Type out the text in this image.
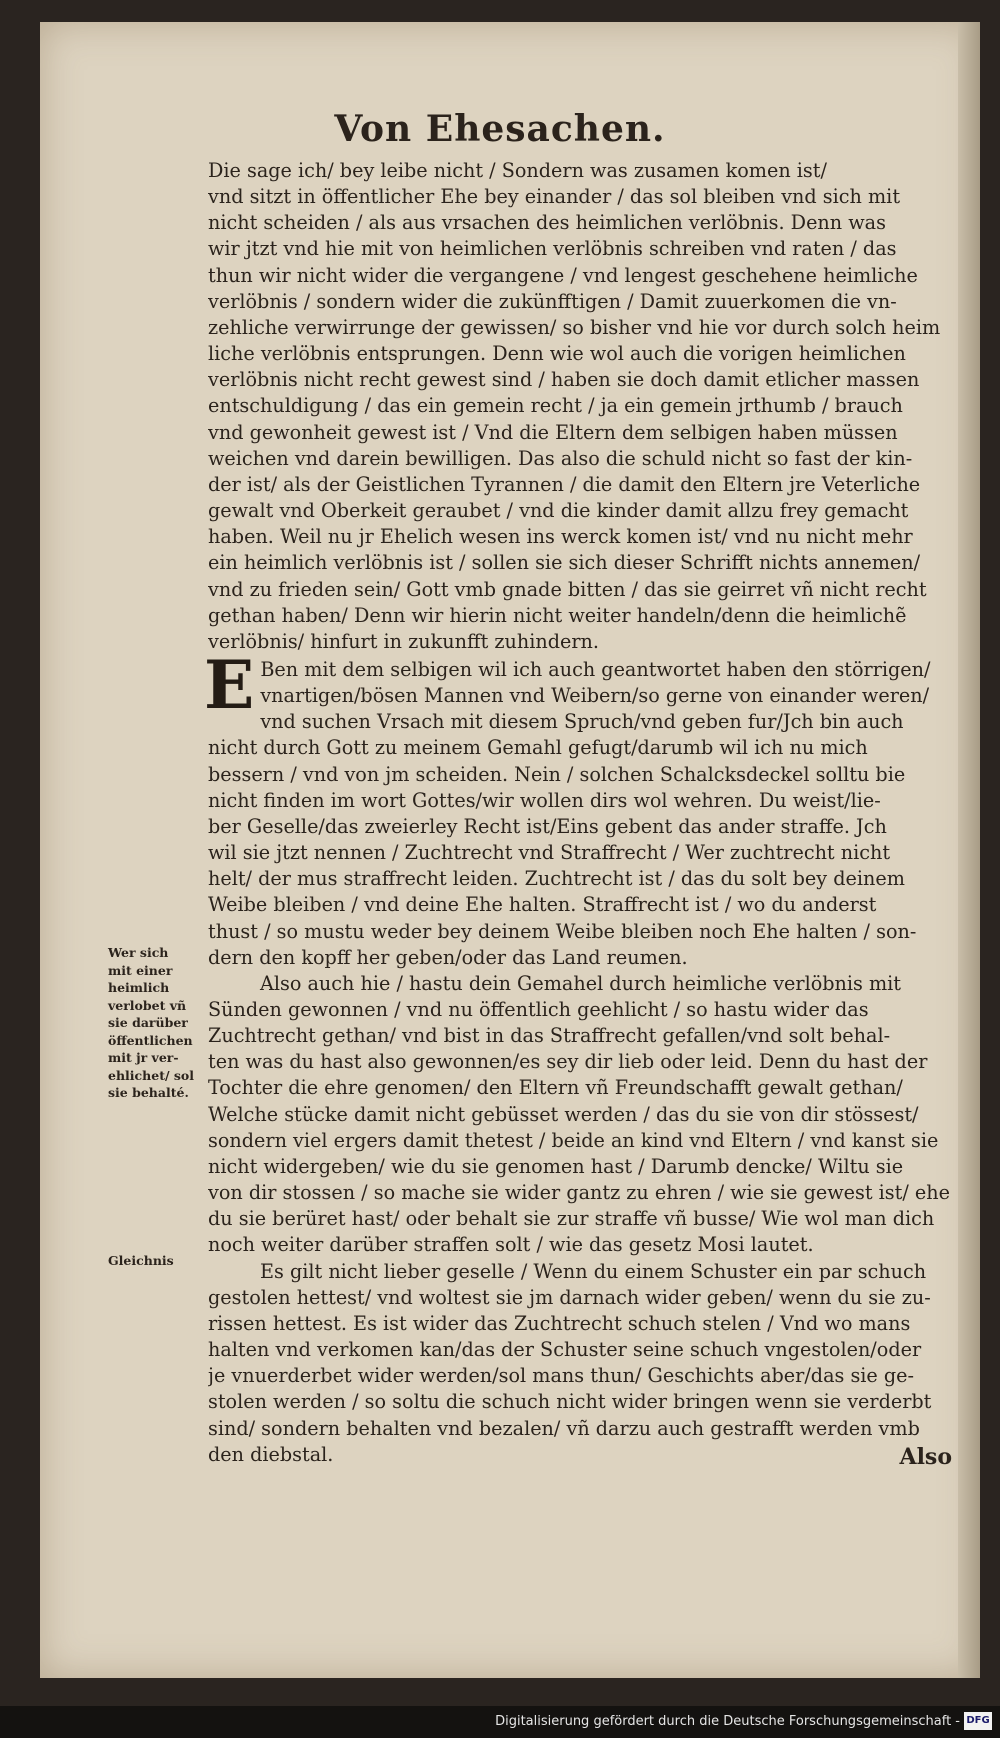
Von Ehesachen.
Die sage ich/ bey leibe nicht / Sondern was zusamen komen ist/
vnd sitzt in öffentlicher Ehe bey einander / das sol bleiben vnd sich mit
nicht scheiden / als aus vrsachen des heimlichen verlöbnis. Denn was
wir jtzt vnd hie mit von heimlichen verlöbnis schreiben vnd raten / das
thun wir nicht wider die vergangene / vnd lengest geschehene heimliche
verlöbnis / sondern wider die zukünfftigen / Damit zuuerkomen die vn-
zehliche verwirrunge der gewissen/ so bisher vnd hie vor durch solch heim
liche verlöbnis entsprungen. Denn wie wol auch die vorigen heimlichen
verlöbnis nicht recht gewest sind / haben sie doch damit etlicher massen
entschuldigung / das ein gemein recht / ja ein gemein jrthumb / brauch
vnd gewonheit gewest ist / Vnd die Eltern dem selbigen haben müssen
weichen vnd darein bewilligen. Das also die schuld nicht so fast der kin-
der ist/ als der Geistlichen Tyrannen / die damit den Eltern jre Veterliche
gewalt vnd Oberkeit geraubet / vnd die kinder damit allzu frey gemacht
haben. Weil nu jr Ehelich wesen ins werck komen ist/ vnd nu nicht mehr
ein heimlich verlöbnis ist / sollen sie sich dieser Schrifft nichts annemen/
vnd zu frieden sein/ Gott vmb gnade bitten / das sie geirret vñ nicht recht
gethan haben/ Denn wir hierin nicht weiter handeln/denn die heimlichẽ
verlöbnis/ hinfurt in zukunfft zuhindern.
E Ben mit dem selbigen wil ich auch geantwortet haben den störrigen/
vnartigen/bösen Mannen vnd Weibern/so gerne von einander weren/
vnd suchen Vrsach mit diesem Spruch/vnd geben fur/Jch bin auch
nicht durch Gott zu meinem Gemahl gefugt/darumb wil ich nu mich
bessern / vnd von jm scheiden. Nein / solchen Schalcksdeckel solltu bie
nicht finden im wort Gottes/wir wollen dirs wol wehren. Du weist/lie-
ber Geselle/das zweierley Recht ist/Eins gebent das ander straffe. Jch
wil sie jtzt nennen / Zuchtrecht vnd Straffrecht / Wer zuchtrecht nicht
helt/ der mus straffrecht leiden. Zuchtrecht ist / das du solt bey deinem
Weibe bleiben / vnd deine Ehe halten. Straffrecht ist / wo du anderst
thust / so mustu weder bey deinem Weibe bleiben noch Ehe halten / son-
dern den kopff her geben/oder das Land reumen.
Also auch hie / hastu dein Gemahel durch heimliche verlöbnis mit
Sünden gewonnen / vnd nu öffentlich geehlicht / so hastu wider das
Zuchtrecht gethan/ vnd bist in das Straffrecht gefallen/vnd solt behal-
ten was du hast also gewonnen/es sey dir lieb oder leid. Denn du hast der
Tochter die ehre genomen/ den Eltern vñ Freundschafft gewalt gethan/
Welche stücke damit nicht gebüsset werden / das du sie von dir stössest/
sondern viel ergers damit thetest / beide an kind vnd Eltern / vnd kanst sie
nicht widergeben/ wie du sie genomen hast / Darumb dencke/ Wiltu sie
von dir stossen / so mache sie wider gantz zu ehren / wie sie gewest ist/ ehe
du sie berüret hast/ oder behalt sie zur straffe vñ busse/ Wie wol man dich
noch weiter darüber straffen solt / wie das gesetz Mosi lautet.
Es gilt nicht lieber geselle / Wenn du einem Schuster ein par schuch
gestolen hettest/ vnd woltest sie jm darnach wider geben/ wenn du sie zu-
rissen hettest. Es ist wider das Zuchtrecht schuch stelen / Vnd wo mans
halten vnd verkomen kan/das der Schuster seine schuch vngestolen/oder
je vnuerderbet wider werden/sol mans thun/ Geschichts aber/das sie ge-
stolen werden / so soltu die schuch nicht wider bringen wenn sie verderbt
sind/ sondern behalten vnd bezalen/ vñ darzu auch gestrafft werden vmb
den diebstal.
Wer sich
mit einer
heimlich
verlobet vñ
sie darüber
öffentlichen
mit jr ver-
ehlichet/ sol
sie behalté.
Gleichnis
Also
Digitalisierung gefördert durch die Deutsche Forschungsgemeinschaft - DFG
